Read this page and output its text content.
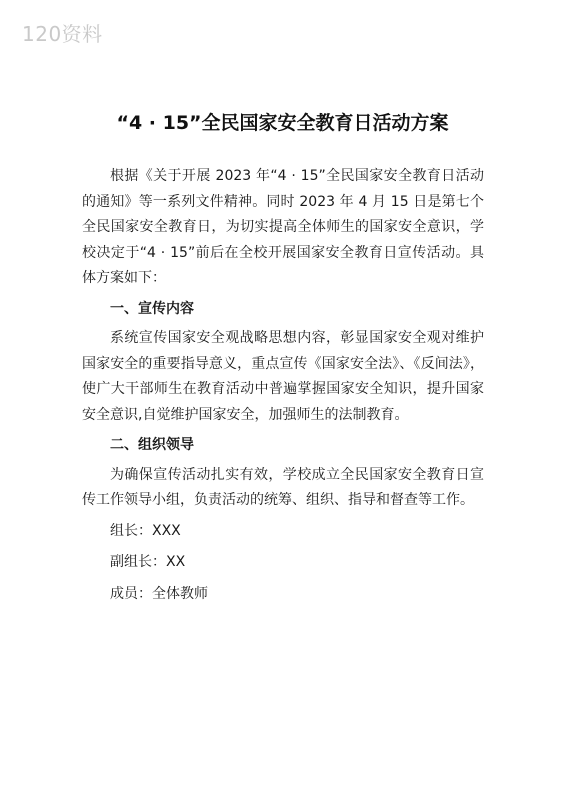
120资料
“4 · 15”全民国家安全教育日活动方案

根据《关于开展 2023 年“4 · 15”全民国家安全教育日活动的通知》等一系列文件精神。同时 2023 年 4 月 15 日是第七个全民国家安全教育日，为切实提高全体师生的国家安全意识，学校决定于“4 · 15”前后在全校开展国家安全教育日宣传活动。具体方案如下：

一、宣传内容

系统宣传国家安全观战略思想内容，彰显国家安全观对维护国家安全的重要指导意义，重点宣传《国家安全法》、《反间法》，使广大干部师生在教育活动中普遍掌握国家安全知识，提升国家安全意识,自觉维护国家安全，加强师生的法制教育。

二、组织领导

为确保宣传活动扎实有效，学校成立全民国家安全教育日宣传工作领导小组，负责活动的统筹、组织、指导和督查等工作。

组长：XXX

副组长：XX

成员：全体教师
